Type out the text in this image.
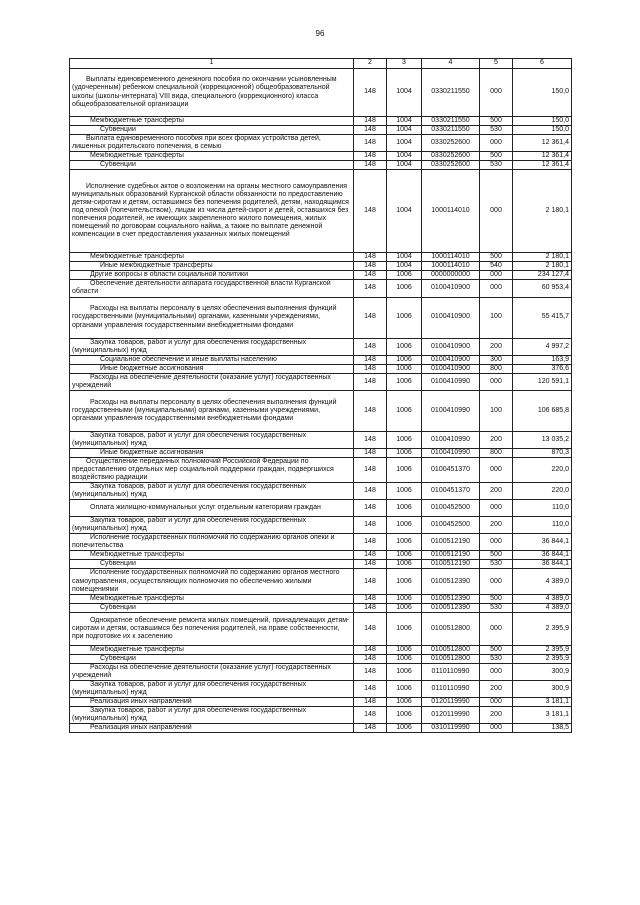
96
1	2	3	4	5	6
Выплаты единовременного денежного пособия по окончании усыновленным (удочеренным) ребенком специальной (коррекционной) общеобразовательной школы (школы-интерната) VIII вида, специального (коррекционного) класса общеобразовательной организации	148	1004	0330211550	000	150,0
Межбюджетные трансферты	148	1004	0330211550	500	150,0
Субвенции	148	1004	0330211550	530	150,0
Выплата единовременного пособия при всех формах устройства детей, лишенных родительского попечения, в семью	148	1004	0330252600	000	12 361,4
Межбюджетные трансферты	148	1004	0330252600	500	12 361,4
Субвенции	148	1004	0330252600	530	12 361,4
Исполнение судебных актов о возложении на органы местного самоуправления муниципальных образований Курганской области обязанности по предоставлению детям-сиротам и детям, оставшимся без попечения родителей, детям, находящимся под опекой (попечительством), лицам из числа детей-сирот и детей, оставшихся без попечения родителей, не имеющих закрепленного жилого помещения, жилых помещений по договорам социального найма, а также по выплате денежной компенсации в счет предоставления указанных жилых помещений	148	1004	1000114010	000	2 180,1
Межбюджетные трансферты	148	1004	1000114010	500	2 180,1
Иные межбюджетные трансферты	148	1004	1000114010	540	2 180,1
Другие вопросы в области социальной политики	148	1006	0000000000	000	234 127,4
Обеспечение деятельности аппарата государственной власти Курганской области	148	1006	0100410900	000	60 953,4
Расходы на выплаты персоналу в целях обеспечения выполнения функций государственными (муниципальными) органами, казенными учреждениями, органами управления государственными внебюджетными фондами	148	1006	0100410900	100	55 415,7
Закупка товаров, работ и услуг для обеспечения государственных (муниципальных) нужд	148	1006	0100410900	200	4 997,2
Социальное обеспечение и иные выплаты населению	148	1006	0100410900	300	163,9
Иные бюджетные ассигнования	148	1006	0100410900	800	376,6
Расходы на обеспечение деятельности (оказание услуг) государственных учреждений	148	1006	0100410990	000	120 591,1
Расходы на выплаты персоналу в целях обеспечения выполнения функций государственными (муниципальными) органами, казенными учреждениями, органами управления государственными внебюджетными фондами	148	1006	0100410990	100	106 685,8
Закупка товаров, работ и услуг для обеспечения государственных (муниципальных) нужд	148	1006	0100410990	200	13 035,2
Иные бюджетные ассигнования	148	1006	0100410990	800	870,3
Осуществление переданных полномочий Российской Федерации по предоставлению отдельных мер социальной поддержки граждан, подвергшихся воздействию радиации	148	1006	0100451370	000	220,0
Закупка товаров, работ и услуг для обеспечения государственных (муниципальных) нужд	148	1006	0100451370	200	220,0
Оплата жилищно-коммунальных услуг отдельным категориям граждан	148	1006	0100452500	000	110,0
Закупка товаров, работ и услуг для обеспечения государственных (муниципальных) нужд	148	1006	0100452500	200	110,0
Исполнение государственных полномочий по содержанию органов опеки и попечительства	148	1006	0100512190	000	36 844,1
Межбюджетные трансферты	148	1006	0100512190	500	36 844,1
Субвенции	148	1006	0100512190	530	36 844,1
Исполнение государственных полномочий по содержанию органов местного самоуправления, осуществляющих полномочия по обеспечению жилыми помещениями	148	1006	0100512390	000	4 389,0
Межбюджетные трансферты	148	1006	0100512390	500	4 389,0
Субвенции	148	1006	0100512390	530	4 389,0
Однократное обеспечение ремонта жилых помещений, принадлежащих детям-сиротам и детям, оставшимся без попечения родителей, на праве собственности, при подготовке их к заселению	148	1006	0100512800	000	2 395,9
Межбюджетные трансферты	148	1006	0100512800	500	2 395,9
Субвенции	148	1006	0100512800	530	2 395,9
Расходы на обеспечение деятельности (оказание услуг) государственных учреждений	148	1006	0110110990	000	300,9
Закупка товаров, работ и услуг для обеспечения государственных (муниципальных) нужд	148	1006	0110110990	200	300,9
Реализация иных направлений	148	1006	0120119990	000	3 181,1
Закупка товаров, работ и услуг для обеспечения государственных (муниципальных) нужд	148	1006	0120119990	200	3 181,1
Реализация иных направлений	148	1006	0310119990	000	138,5
